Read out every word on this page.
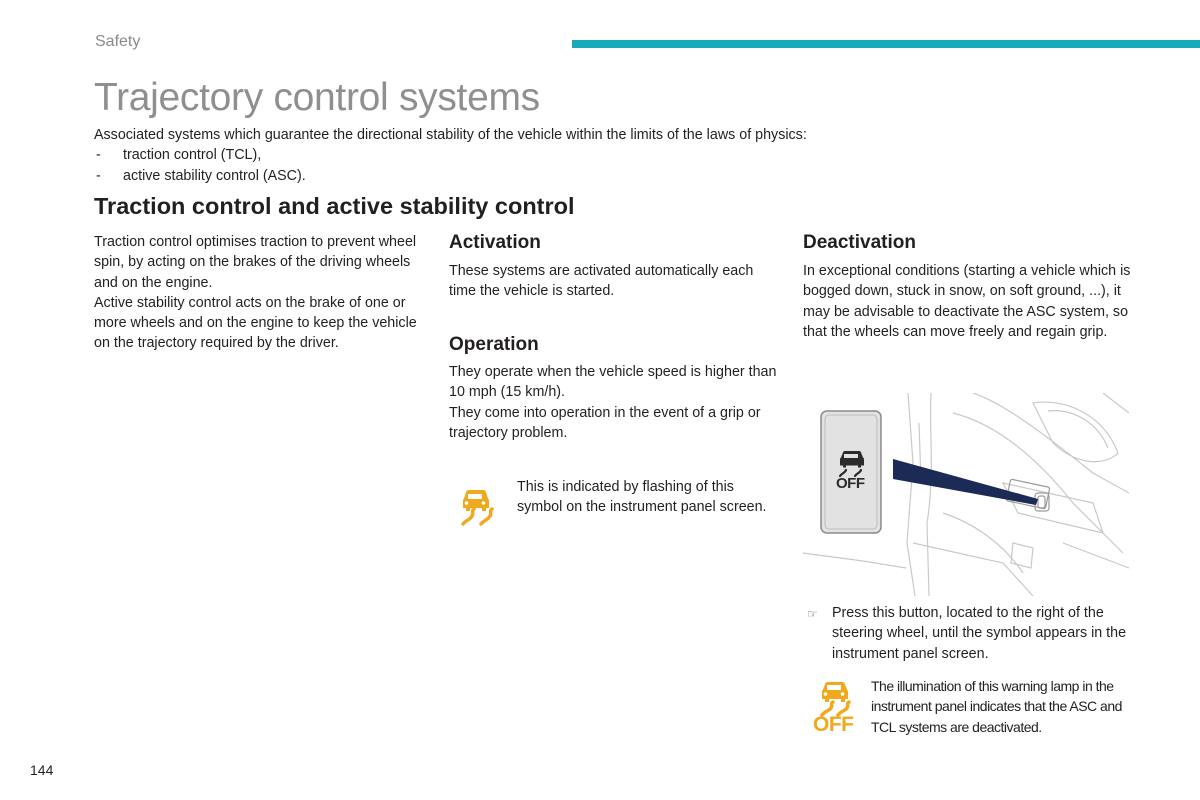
Safety
Trajectory control systems
Associated systems which guarantee the directional stability of the vehicle within the limits of the laws of physics:
- traction control (TCL),
- active stability control (ASC).
Traction control and active stability control

Traction control optimises traction to prevent wheel spin, by acting on the brakes of the driving wheels and on the engine.

Active stability control acts on the brake of one or more wheels and on the engine to keep the vehicle on the trajectory required by the driver.

Activation

These systems are activated automatically each time the vehicle is started.

Operation

They operate when the vehicle speed is higher than 10 mph (15 km/h).

They come into operation in the event of a grip or trajectory problem.

This is indicated by flashing of this symbol on the instrument panel screen.
Deactivation

In exceptional conditions (starting a vehicle which is bogged down, stuck in snow, on soft ground, ...), it may be advisable to deactivate the ASC system, so that the wheels can move freely and regain grip.

OFF
☞ Press this button, located to the right of the steering wheel, until the symbol appears in the instrument panel screen.
OFF
The illumination of this warning lamp in the instrument panel indicates that the ASC and TCL systems are deactivated.
144
